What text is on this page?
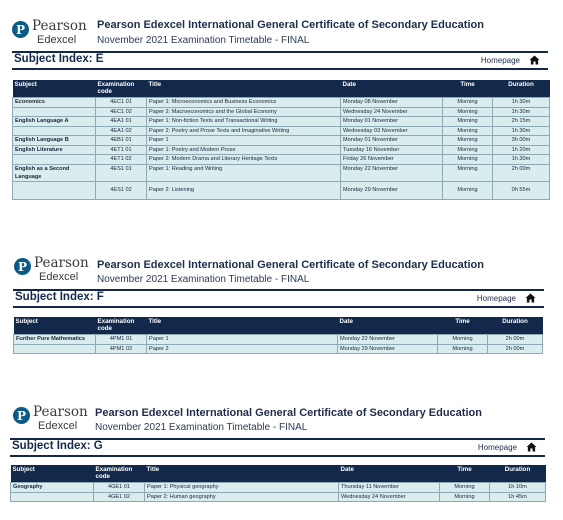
P Pearson
Edexcel
Pearson Edexcel International General Certificate of Secondary Education
November 2021 Examination Timetable - FINAL
Subject Index: E	Homepage
Subject	Examination code	Title	Date	Time	Duration
Economics	4EC1 01	Paper 1: Microeconomics and Business Economics	Monday 08 November	Morning	1h 30m
	4EC1 02	Paper 2: Macroeconomics and the Global Economy	Wednesday 24 November	Morning	1h 30m
English Language A	4EA1 01	Paper 1: Non-fiction Texts and Transactional Writing	Monday 01 November	Morning	2h 15m
	4EA1 02	Paper 2: Poetry and Prose Texts and Imaginative Writing	Wednesday 03 November	Morning	1h 30m
English Language B	4EB1 01	Paper 1	Monday 01 November	Morning	3h 00m
English Literature	4ET1 01	Paper 1: Poetry and Modern Prose	Tuesday 16 November	Morning	1h 20m
	4ET1 02	Paper 2: Modern Drama and Literary Heritage Texts	Friday 26 November	Morning	1h 30m
English as a Second Language	4ES1 01	Paper 1: Reading and Writing	Monday 22 November	Morning	2h 00m
	4ES1 02	Paper 2: Listening	Monday 29 November	Morning	0h 55m
P Pearson
Edexcel
Pearson Edexcel International General Certificate of Secondary Education
November 2021 Examination Timetable - FINAL
Subject Index: F	Homepage
Subject	Examination code	Title	Date	Time	Duration
Further Pure Mathematics	4PM1 01	Paper 1	Monday 22 November	Morning	2h 00m
	4PM1 02	Paper 2	Monday 29 November	Morning	2h 00m
P Pearson
Edexcel
Pearson Edexcel International General Certificate of Secondary Education
November 2021 Examination Timetable - FINAL
Subject Index: G	Homepage
Subject	Examination code	Title	Date	Time	Duration
Geography	4GE1 01	Paper 1: Physical geography	Thursday 11 November	Morning	1h 10m
	4GE1 02	Paper 2: Human geography	Wednesday 24 November	Morning	1h 45m
